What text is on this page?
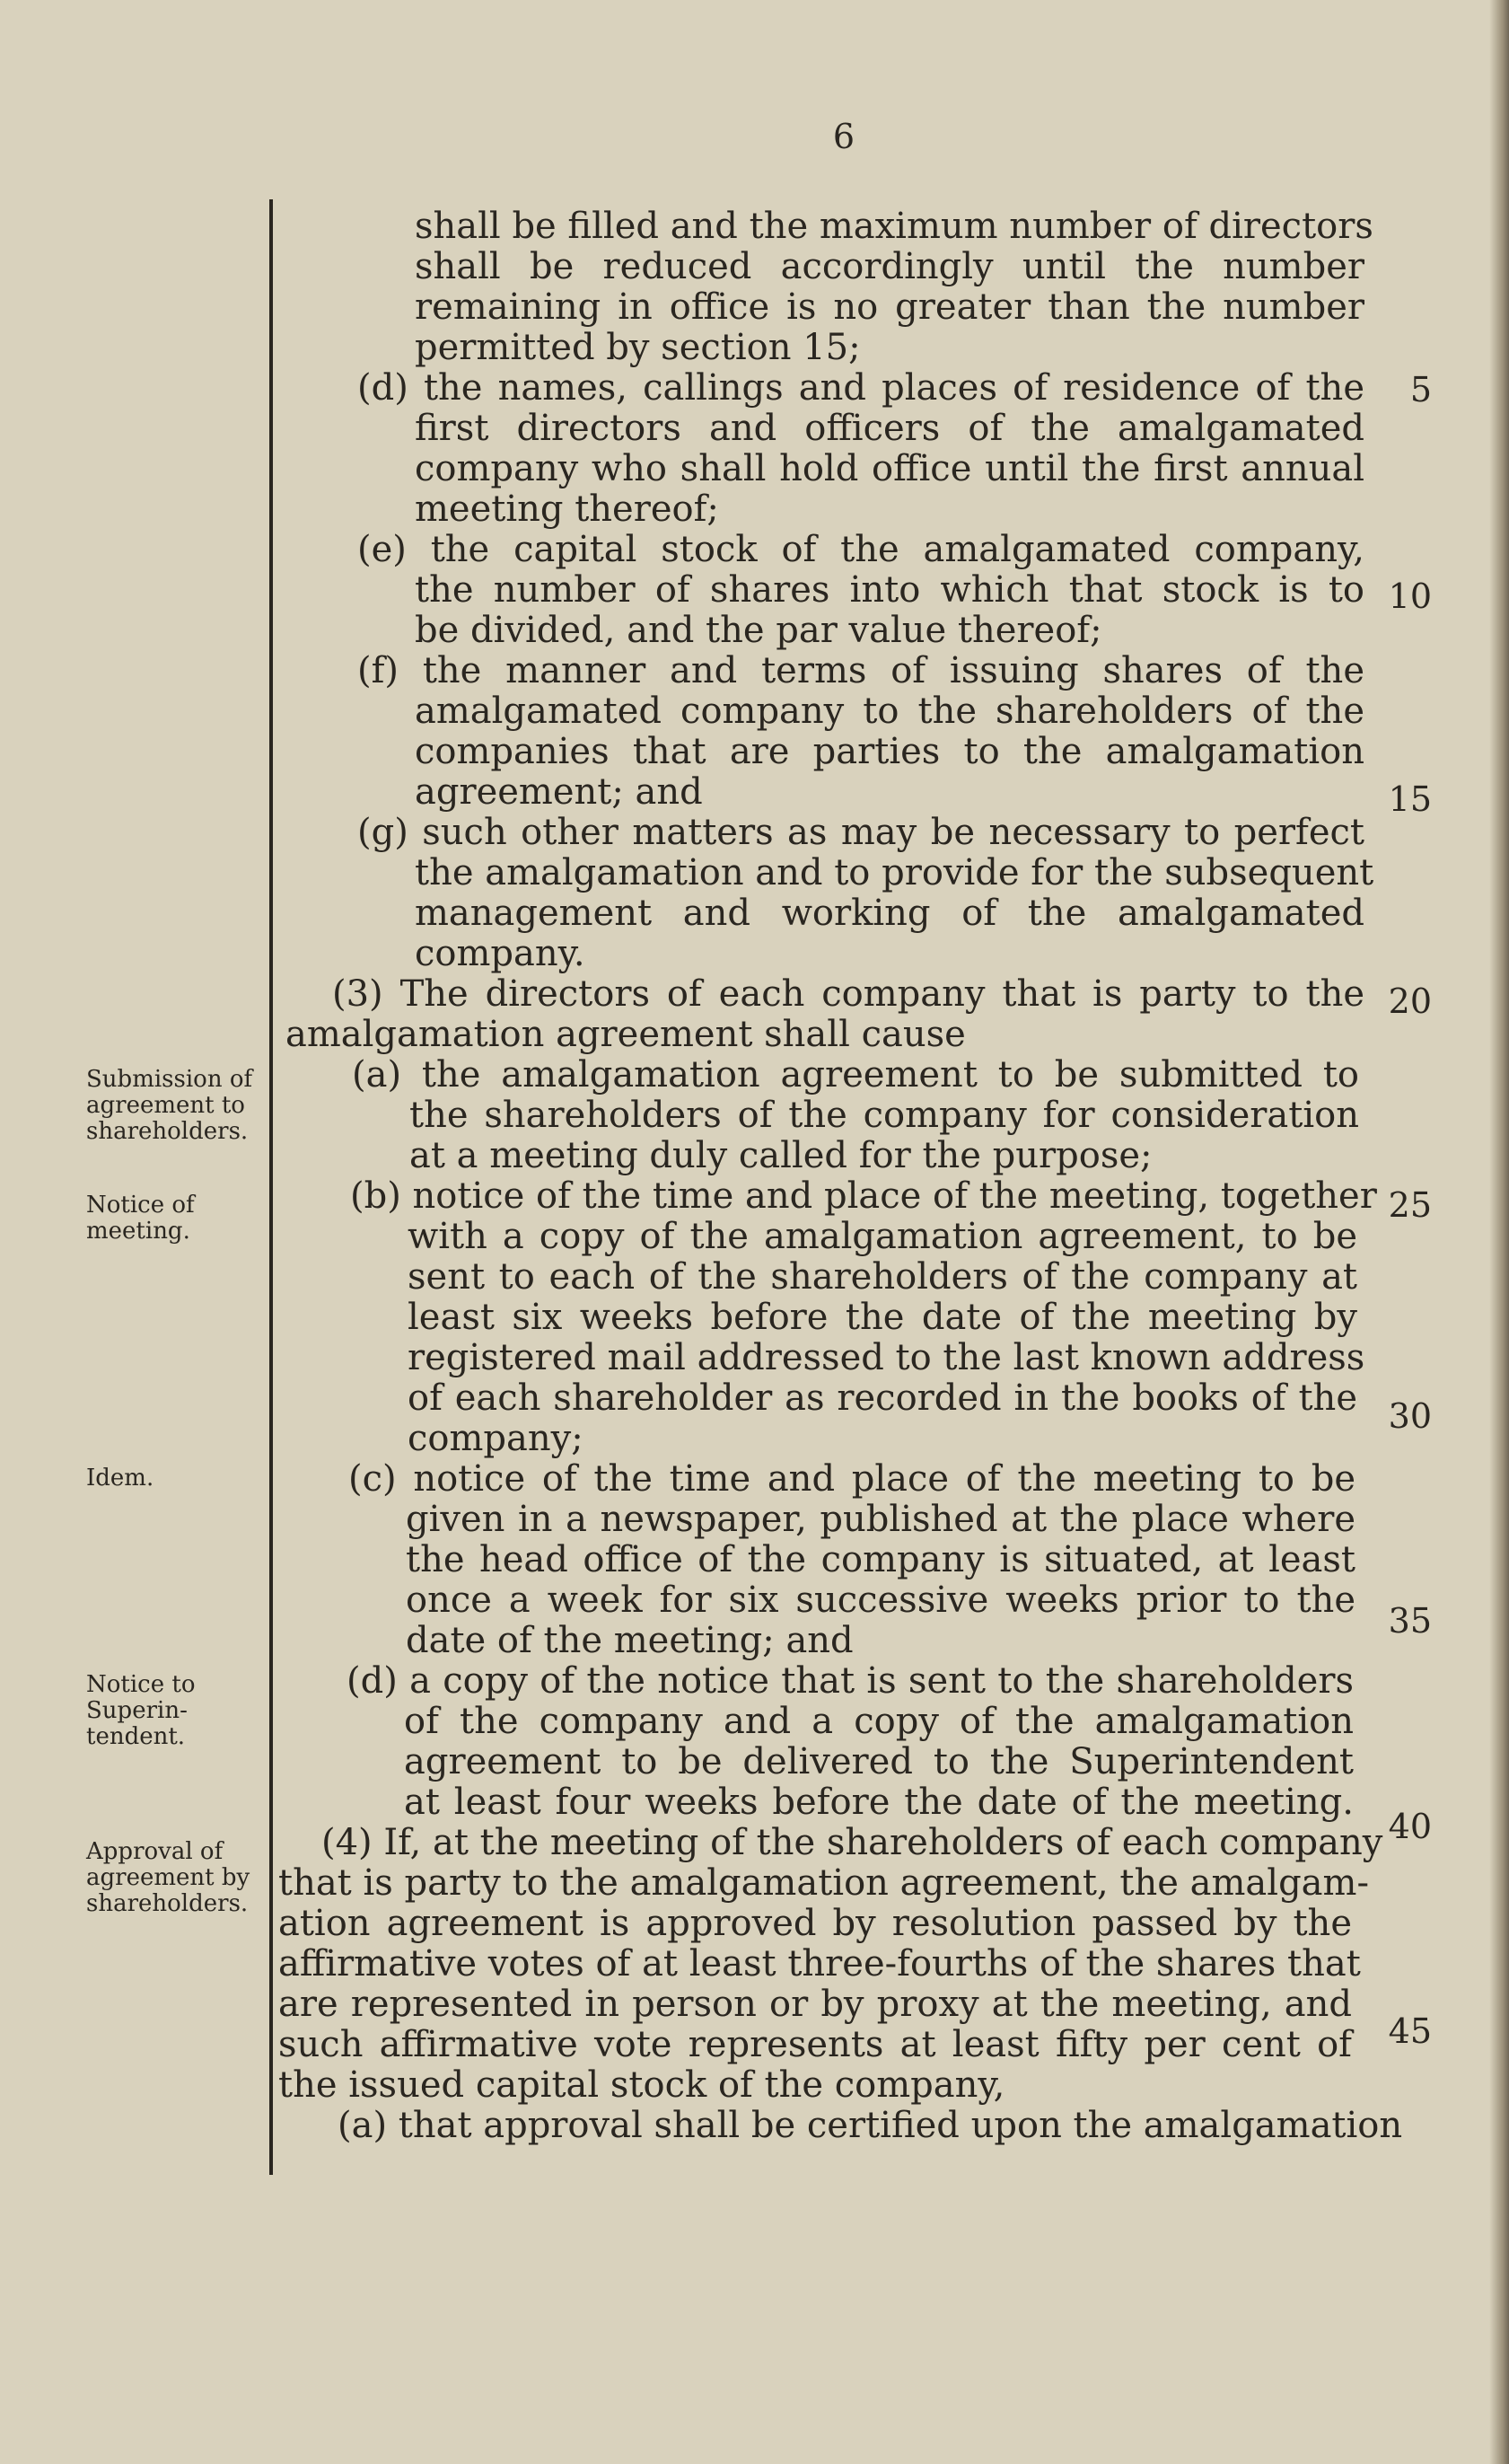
6
Submission of agreement to shareholders.
Notice of meeting.
Idem.
Notice to Superin-tendent.
Approval of agreement by shareholders.
shall be filled and the maximum number of directors
shall be reduced accordingly until the number
remaining in office is no greater than the number
permitted by section 15;
(d) the names, callings and places of residence of the
first directors and officers of the amalgamated
company who shall hold office until the first annual
meeting thereof;
(e) the capital stock of the amalgamated company,
the number of shares into which that stock is to
be divided, and the par value thereof;
(f) the manner and terms of issuing shares of the
amalgamated company to the shareholders of the
companies that are parties to the amalgamation
agreement; and
(g) such other matters as may be necessary to perfect
the amalgamation and to provide for the subsequent
management and working of the amalgamated
company.
(3) The directors of each company that is party to the
amalgamation agreement shall cause
(a) the amalgamation agreement to be submitted to
the shareholders of the company for consideration
at a meeting duly called for the purpose;
(b) notice of the time and place of the meeting, together
with a copy of the amalgamation agreement, to be
sent to each of the shareholders of the company at
least six weeks before the date of the meeting by
registered mail addressed to the last known address
of each shareholder as recorded in the books of the
company;
(c) notice of the time and place of the meeting to be
given in a newspaper, published at the place where
the head office of the company is situated, at least
once a week for six successive weeks prior to the
date of the meeting; and
(d) a copy of the notice that is sent to the shareholders
of the company and a copy of the amalgamation
agreement to be delivered to the Superintendent
at least four weeks before the date of the meeting.
(4) If, at the meeting of the shareholders of each company
that is party to the amalgamation agreement, the amalgam-
ation agreement is approved by resolution passed by the
affirmative votes of at least three-fourths of the shares that
are represented in person or by proxy at the meeting, and
such affirmative vote represents at least fifty per cent of
the issued capital stock of the company,
(a) that approval shall be certified upon the amalgamation
5
10
15
20
25
30
35
40
45
